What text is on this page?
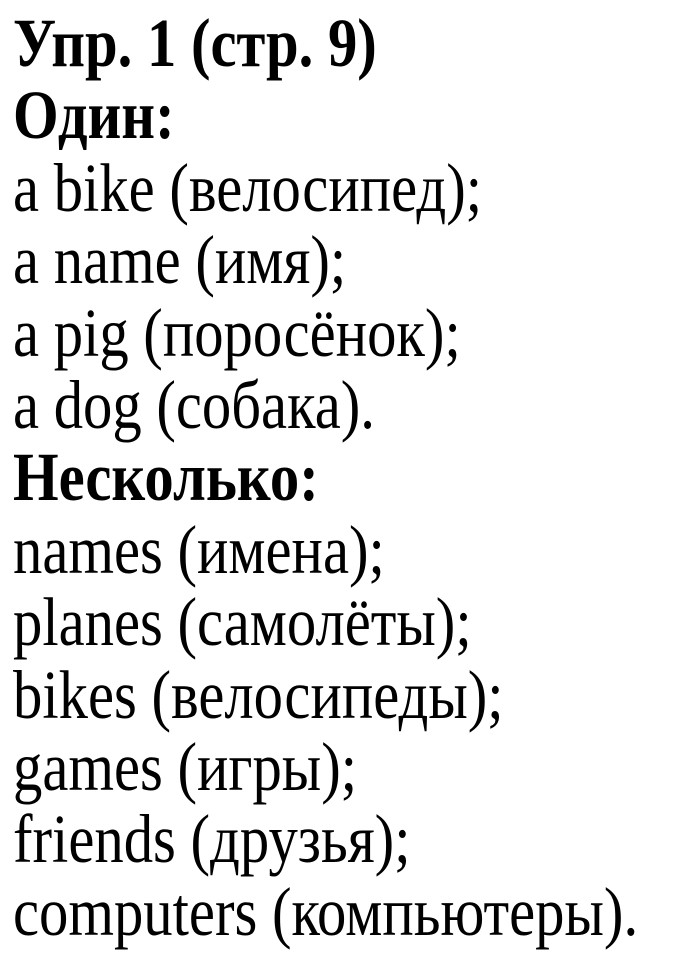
Упр. 1 (стр. 9)
Один:
a bike (велосипед);
a name (имя);
a pig (поросёнок);
a dog (собака).
Несколько:
names (имена);
planes (самолёты);
bikes (велосипеды);
games (игры);
friends (друзья);
computers (компьютеры).
